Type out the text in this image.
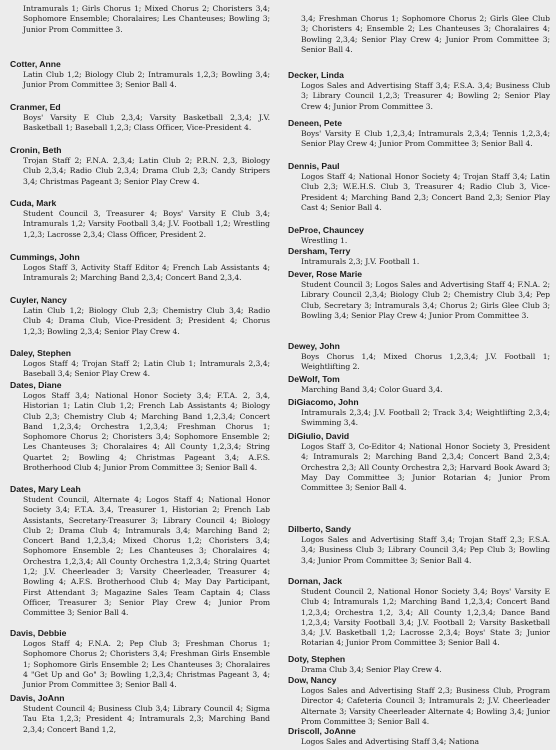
Intramurals 1; Girls Chorus 1; Mixed Chorus 2; Choristers 3,4; Sophomore Ensemble; Choralaires; Les Chanteuses; Bowling 3; Junior Prom Committee 3.
Cotter, Anne
Latin Club 1,2; Biology Club 2; Intramurals 1,2,3; Bowling 3,4; Junior Prom Committee 3; Senior Ball 4.
Cranmer, Ed
Boys' Varsity E Club 2,3,4; Varsity Basketball 2,3,4; J.V. Basketball 1; Baseball 1,2,3; Class Officer, Vice-President 4.
Cronin, Beth
Trojan Staff 2; F.N.A. 2,3,4; Latin Club 2; P.R.N. 2,3, Biology Club 2,3,4; Radio Club 2,3,4; Drama Club 2,3; Candy Stripers 3,4; Christmas Pageant 3; Senior Play Crew 4.
Cuda, Mark
Student Council 3, Treasurer 4; Boys' Varsity E Club 3,4; Intramurals 1,2; Varsity Football 3,4; J.V. Football 1,2; Wrestling 1,2,3; Lacrosse 2,3,4; Class Officer, President 2.
Cummings, John
Logos Staff 3, Activity Staff Editor 4; French Lab Assistants 4; Intramurals 2; Marching Band 2,3,4; Concert Band 2,3,4.
Cuyler, Nancy
Latin Club 1,2; Biology Club 2,3; Chemistry Club 3,4; Radio Club 4; Drama Club, Vice-President 3; President 4; Chorus 1,2,3; Bowling 2,3,4; Senior Play Crew 4.
Daley, Stephen
Logos Staff 4; Trojan Staff 2; Latin Club 1; Intramurals 2,3,4; Baseball 3,4; Senior Play Crew 4.
Dates, Diane
Logos Staff 3,4; National Honor Society 3,4; F.T.A. 2, 3,4, Historian 1; Latin Club 1,2; French Lab Assistants 4; Biology Club 2,3; Chemistry Club 4; Marching Band 1,2,3,4; Concert Band 1,2,3,4; Orchestra 1,2,3,4; Freshman Chorus 1; Sophomore Chorus 2; Choristers 3,4; Sophomore Ensemble 2; Les Chanteuses 3; Choralaires 4; All County 1,2,3,4; String Quartet 2; Bowling 4; Christmas Pageant 3,4; A.F.S. Brotherhood Club 4; Junior Prom Committee 3; Senior Ball 4.
Dates, Mary Leah
Student Council, Alternate 4; Logos Staff 4; National Honor Society 3,4; F.T.A. 3,4, Treasurer 1, Historian 2; French Lab Assistants, Secretary-Treasurer 3; Library Council 4; Biology Club 2; Drama Club 4; Intramurals 3,4; Marching Band 2; Concert Band 1,2,3,4; Mixed Chorus 1,2; Choristers 3,4; Sophomore Ensemble 2; Les Chanteuses 3; Choralaires 4; Orchestra 1,2,3,4; All County Orchestra 1,2,3,4; String Quartet 1,2; J.V. Cheerleader 3; Varsity Cheerleader, Treasurer 4; Bowling 4; A.F.S. Brotherhood Club 4; May Day Participant, First Attendant 3; Magazine Sales Team Captain 4; Class Officer, Treasurer 3; Senior Play Crew 4; Junior Prom Committee 3; Senior Ball 4.
Davis, Debbie
Logos Staff 4; F.N.A. 2; Pep Club 3; Freshman Chorus 1; Sophomore Chorus 2; Choristers 3,4; Freshman Girls Ensemble 1; Sophomore Girls Ensemble 2; Les Chanteuses 3; Choralaires 4 "Get Up and Go" 3; Bowling 1,2,3,4; Christmas Pageant 3, 4; Junior Prom Committee 3; Senior Ball 4.
Davis, JoAnn
Student Council 4; Business Club 3,4; Library Council 4; Sigma Tau Eta 1,2,3; President 4; Intramurals 2,3; Marching Band 2,3,4; Concert Band 1,2,
3,4; Freshman Chorus 1; Sophomore Chorus 2; Girls Glee Club 3; Choristers 4; Ensemble 2; Les Chanteuses 3; Choralaires 4; Bowling 2,3,4; Senior Play Crew 4; Junior Prom Committee 3; Senior Ball 4.
Decker, Linda
Logos Sales and Advertising Staff 3,4; F.S.A. 3,4; Business Club 3; Library Council 1,2,3; Treasurer 4; Bowling 2; Senior Play Crew 4; Junior Prom Committee 3.
Deneen, Pete
Boys' Varsity E Club 1,2,3,4; Intramurals 2,3,4; Tennis 1,2,3,4; Senior Play Crew 4; Junior Prom Committee 3; Senior Ball 4.
Dennis, Paul
Logos Staff 4; National Honor Society 4; Trojan Staff 3,4; Latin Club 2,3; W.E.H.S. Club 3, Treasurer 4; Radio Club 3, Vice-President 4; Marching Band 2,3; Concert Band 2,3; Senior Play Cast 4; Senior Ball 4.
DeProe, Chauncey
Wrestling 1.
Dersham, Terry
Intramurals 2,3; J.V. Football 1.
Dever, Rose Marie
Student Council 3; Logos Sales and Advertising Staff 4; F.N.A. 2; Library Council 2,3,4; Biology Club 2; Chemistry Club 3,4; Pep Club, Secretary 3; Intramurals 3,4; Chorus 2; Girls Glee Club 3; Bowling 3,4; Senior Play Crew 4; Junior Prom Committee 3.
Dewey, John
Boys Chorus 1,4; Mixed Chorus 1,2,3,4; J.V. Football 1; Weightlifting 2.
DeWolf, Tom
Marching Band 3,4; Color Guard 3,4.
DiGiacomo, John
Intramurals 2,3,4; J.V. Football 2; Track 3,4; Weightlifting 2,3,4; Swimming 3,4.
DiGiulio, David
Logos Staff 3, Co-Editor 4; National Honor Society 3, President 4; Intramurals 2; Marching Band 2,3,4; Concert Band 2,3,4; Orchestra 2,3; All County Orchestra 2,3; Harvard Book Award 3; May Day Committee 3; Junior Rotarian 4; Junior Prom Committee 3; Senior Ball 4.
Dilberto, Sandy
Logos Sales and Advertising Staff 3,4; Trojan Staff 2,3; F.S.A. 3,4; Business Club 3; Library Council 3,4; Pep Club 3; Bowling 3,4; Junior Prom Committee 3; Senior Ball 4.
Dornan, Jack
Student Council 2, National Honor Society 3,4; Boys' Varsity E Club 4; Intramurals 1,2; Marching Band 1,2,3,4; Concert Band 1,2,3,4; Orchestra 1,2, 3,4; All County 1,2,3,4; Dance Band 1,2,3,4; Varsity Football 3,4; J.V. Football 2; Varsity Basketball 3,4; J.V. Basketball 1,2; Lacrosse 2,3,4; Boys' State 3; Junior Rotarian 4; Junior Prom Committee 3; Senior Ball 4.
Doty, Stephen
Drama Club 3,4; Senior Play Crew 4.
Dow, Nancy
Logos Sales and Advertising Staff 2,3; Business Club, Program Director 4; Cafeteria Council 3; Intramurals 2; J.V. Cheerleader Alternate 3; Varsity Cheerleader Alternate 4; Bowling 3,4; Junior Prom Committee 3; Senior Ball 4.
Driscoll, JoAnne
Logos Sales and Advertising Staff 3,4; Nationa
